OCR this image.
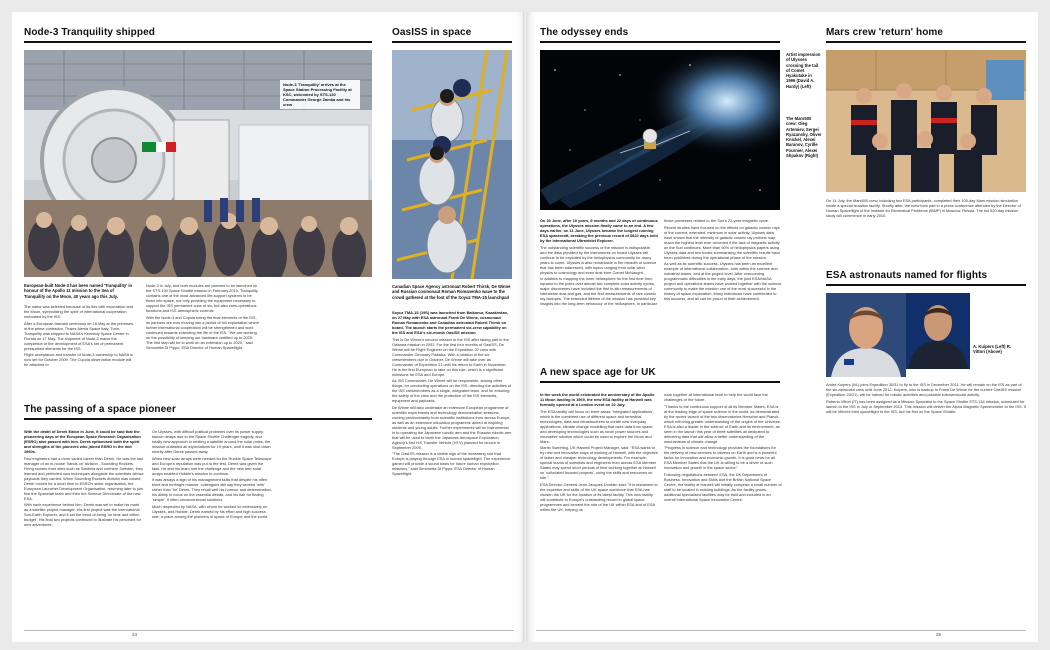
Node-3 Tranquility shipped
Node-3 'Tranquility' arrives at the Space Station Processing Facility at KSC, welcomed by STS-130 Commander George Zamka and his crew
European-built Node-3 has been named 'Tranquility' in honour of the Apollo 11 mission to the Sea of Tranquility on the Moon, 40 years ago this July.

The name was selected because of its ties with exploration and the Moon, symbolising the spirit of international cooperation embodied by the ISS.

After a European farewell ceremony on 16 May at the premises of the prime contractor, Thales Alenia Space Italy, Turin, Tranquility was shipped to NASA's Kennedy Space Center in Florida on 17 May. The shipment of Node-3 marks the completion of the development of ESA's set of permanent pressurised elements for the ISS.

Flight acceptance and transfer of Node-3 ownership to NASA is now set for October 2009. The Cupola observation module will be attached to

Node-3 in July, and both modules are planned to be launched on the STS-130 Space Shuttle mission in February 2010. Tranquility contains one of the most advanced life-support systems to be flown into space, not only providing the equipment necessary to support the ISS permanent crew of six, but also crew-operations functions and ISS atmospheric controls.

With the Node-3 and Cupola being the final elements of the ISS, its partners are now moving into a period of full exploitation where further international cooperation will be strengthened and work continued towards extending the life of the ISS. "We are working on the possibility of keeping our hardware certified up to 2025. The first step will be to work on an extension up to 2020," said Simonetta Di Pippo, ESA Director of Human Spaceflight.

The passing of a space pioneer

With the death of Derek Eaton in June, it could be said that the pioneering days of the European Space Research Organisation (ESRO) also passed with him. Derek epitomised both the spirit and strengths of the pioneers who joined ESRO in the mid 1960s.

Few engineers had a more varied career than Derek. He was the last manager of an in-house 'hands on' division - Sounding Rockets. Firing rockets from sites such as Sardinia and northern Sweden, they learned and perfected new techniques alongside the scientists whose payloads they carried. When Sounding Rockets division was closed, Derek moved for a short time to ESRO's sister organisation, the European Launcher Development Organisation, returning later to join first the Spacelab team and then the Science Directorate of the new ESA.

With each experience behind him, Derek was set to make his mark as a satellite project manager. His first project was the International Sun-Earth Explorer, and it set the trend of being 'on time and within budget'. His final two projects continued to illustrate his penchant for new adventures.

On Ulysses, with difficult political problems over its power supply, launch delays due to the Space Shuttle Challenger tragedy, and totally new approach in orbiting a satellite around the solar poles, the mission outlasted all expectations for 19 years, until it was shut down shortly after Derek passed away.

When new solar arrays were needed for the Hubble Space Telescope and Europe's reputation was put to the test, Derek was given the task. He and his team met the challenge and the new twin solar arrays enabled Hubble's mission to continue.

It was always a sign of his management skills that despite his often blunt and forthright manner, colleagues still say they worked 'with' rather than 'for' Derek. They recall well his humour and determination, his ability to focus on the essential details, and his flair for finding 'simple', if often unconventional solutions.

Much respected by NASA, with whom he worked so extensively on Ulysses, and Hubble, Derek earned by his effort and high success rate, a place among the pioneers of space of Europe and the world.

OasISS in space
Canadian Space Agency astronaut Robert Thirsk, De Winne and Russian cosmonaut Roman Romanenko wave to the crowd gathered at the foot of the Soyuz TMA-15 launchpad

Soyuz TMA-15 (19S) was launched from Baikonur, Kazakhstan, on 27 May with ESA astronaut Frank De Winne, cosmonaut Roman Romanenko and Canadian astronaut Robert Thirsk on board. The launch starts the permanent six-crew capability on the ISS and ESA's six-month OasISS mission.

This is De Winne's second mission to the ISS after taking part in the Odissea mission in 2002. For the first four months of OasISS, De Winne will be Flight Engineer on the Expedition 20 crew with Commander Gennady Padalka. With a rotation of the six crewmembers due in October, De Winne will take over as Commander of Expedition 21 until his return to Earth in November. He is the first European to take on this role, which is a significant milestone for ESA and Europe.

As ISS Commander, De Winne will be responsible, among other things, for conducting operations on the ISS, directing the activities of the ISS crewmembers as a single, integrated team, and for ensuring the safety of the crew and the protection of the ISS elements, equipment and payloads.

De Winne will also undertake an extensive European programme of scientific experiments and technology demonstration sessions, coming predominantly from scientific institutions from across Europe, as well as an extensive education programme aimed at inspiring students and young adults. Further experiments will be instrumental in to operating the Japanese robotic arm and the Russian robotic arm that will be used to berth the Japanese Aerospace Exploration Agency's first H-II Transfer Vehicle (HTV) planned for launch in September 2009.

"The OasISS mission is a visible sign of the increasing role that Europe is playing through ESA in human spaceflight. The experience gained will provide a sound basis for future human exploration missions," said Simonetta Di Pippo, ESA Director of Human Spaceflight.

24
The odyssey ends
Artist impression of Ulysses crossing the tail of Comet Hyakutake in 1996 (David A. Hardy) (Left)
The Mars500 crew: Oleg Artemiev, Sergei Ryazansky, Oliver Knickel, Alexei Baranov, Cyrille Fournier, Alexei Shpakov (Right)

On 30 June, after 18 years, 8 months and 22 days of continuous operations, the Ulysses mission finally came to an end. A few days earlier, on 11 June, Ulysses became the longest running ESA spacecraft, breaking the previous record of 6822 days held by the International Ultraviolet Explorer.

The outstanding scientific success of the mission is indisputable, and the data provided by the instruments on board Ulysses will continue to be exploited by the heliophysics community for many years to come. Ulysses is also remarkable in the breadth of science that has been addressed, with topics ranging from solar wind physics to cosmology and even dust from Comet McNaught.

In addition to mapping the inner heliosphere for the first time from equator to the poles over almost two complete solar activity cycles, major discoveries have included the first in-situ measurements of interstellar dust and gas, and the first measurements of rare cosmic ray isotopes. The extended lifetime of the mission has provided key insights into the long-term behaviour of the heliosphere, in particular

those processes related to the Sun's 22-year magnetic cycle.

Recent studies have focused on the effects on galactic cosmic rays of the current, extended, minimum in solar activity. Ulysses data have shown that the intensity of galactic cosmic ray protons may reach the highest level ever recorded if the lack of magnetic activity on the Sun continues. More than 50% of heliophysics papers using Ulysses data and two books summarising the scientific results have been published during the operational phase of the mission.

As well as its scientific success, Ulysses has been an excellent example of international collaboration, both within the science and industrial teams, and at the project level. After overcoming programmatic difficulties in the early days, the joint ESA/NASA project and operations teams have worked together with the science community to make the mission one of the most successful in the history of space exploration. Many individuals have contributed to this success, and all can be proud of their achievement.

A new space age for UK

In the week the world celebrated the anniversary of the Apollo 11 Moon landing in 1969, the new ESA facility at Harwell was formally opened at a London event on 22 July.

The ESA facility will focus on three areas: 'integrated applications', which is the combined use of different space and terrestrial technologies, data and infrastructures to create new everyday applications; climate change modelling that uses data from space, and developing technologies such as novel power sources and innovative robotics which could be used to explore the Moon and Mars.

Martin Sweeting, UK Harwell Project Manager, said: "ESA wants to try new and innovative ways of working at Harwell, with the objective of faster and cheaper technology developments. For example, special teams of scientists and engineers from across ESA Member States may spend short periods of time working together at Harwell on 'collocated focused projects', using the skills and resources on site."

ESA Director-General Jean-Jacques Dordain said: "It is testament to the expertise and skills of the UK space workforce that ESA has chosen the UK for the location of its latest facility. This new facility will contribute to Europe's outstanding record in global space programmes and cement the role of the UK within ESA and of ESA within the UK, helping us

work together at international level to help the world face the challenges of the future.

"Thanks to the continuous support of all its Member States, ESA is at the leading edge of space science in the world, as demonstrated by the recent launch of the two observatories Herschel and Planck, which will bring greater understanding of the origins of the Universe. ESA is also a leader in the science of Earth and its environment, as seen in the launch this year of three satellites all dedicated to delivering data that will allow a better understanding of the mechanisms of climate change.

"Progress in science and technology provides the foundations for the delivery of new services to citizens on Earth and is a powerful factor for innovation and economic growth. It is good news for all ESA Member States that the UK is willing to be a driver of such innovation and growth in the space sector."

Following negotiations between ESA, the UK Department of Business, Innovation and Skills and the British National Space Centre, the facility at Harwell will initially comprise a small number of staff to be located in existing buildings. As the facility grows, additional specialised facilities may be built and included in an overall International Space Innovation Centre.

Mars crew 'return' home
On 14 July, the Mars500 crew, including two ESA participants, completed their 105-day Mars mission simulation inside a special isolation facility. Shortly after, the crew took part in a press conference attended by the Director of Human Spaceflight of the Institute for Biomedical Problems (IBMP) in Moscow, Russia. The full 520-day mission study will commence in early 2010.
ESA astronauts named for flights
A. Kuipers (Left) R. Vittori (Above)

André Kuipers (NL) joins Expedition 30/31 to fly to the ISS in December 2011. He will remain on the ISS as part of the six-astronaut crew until June 2012. Kuipers, who is backup to Frank De Winne for the current OasISS mission (Expedition 20/21), will be trained for robotic activities and possible extravehicular activity.

Roberto Vittori (IT) has been assigned as a Mission Specialist to the Space Shuttle STS-134 mission, scheduled for launch to the ISS in July or September 2010. This mission will deliver the Alpha Magnetic Spectrometer to the ISS. It will be Vittori's third spaceflight to the ISS, but his first on the Space Shuttle.

25
